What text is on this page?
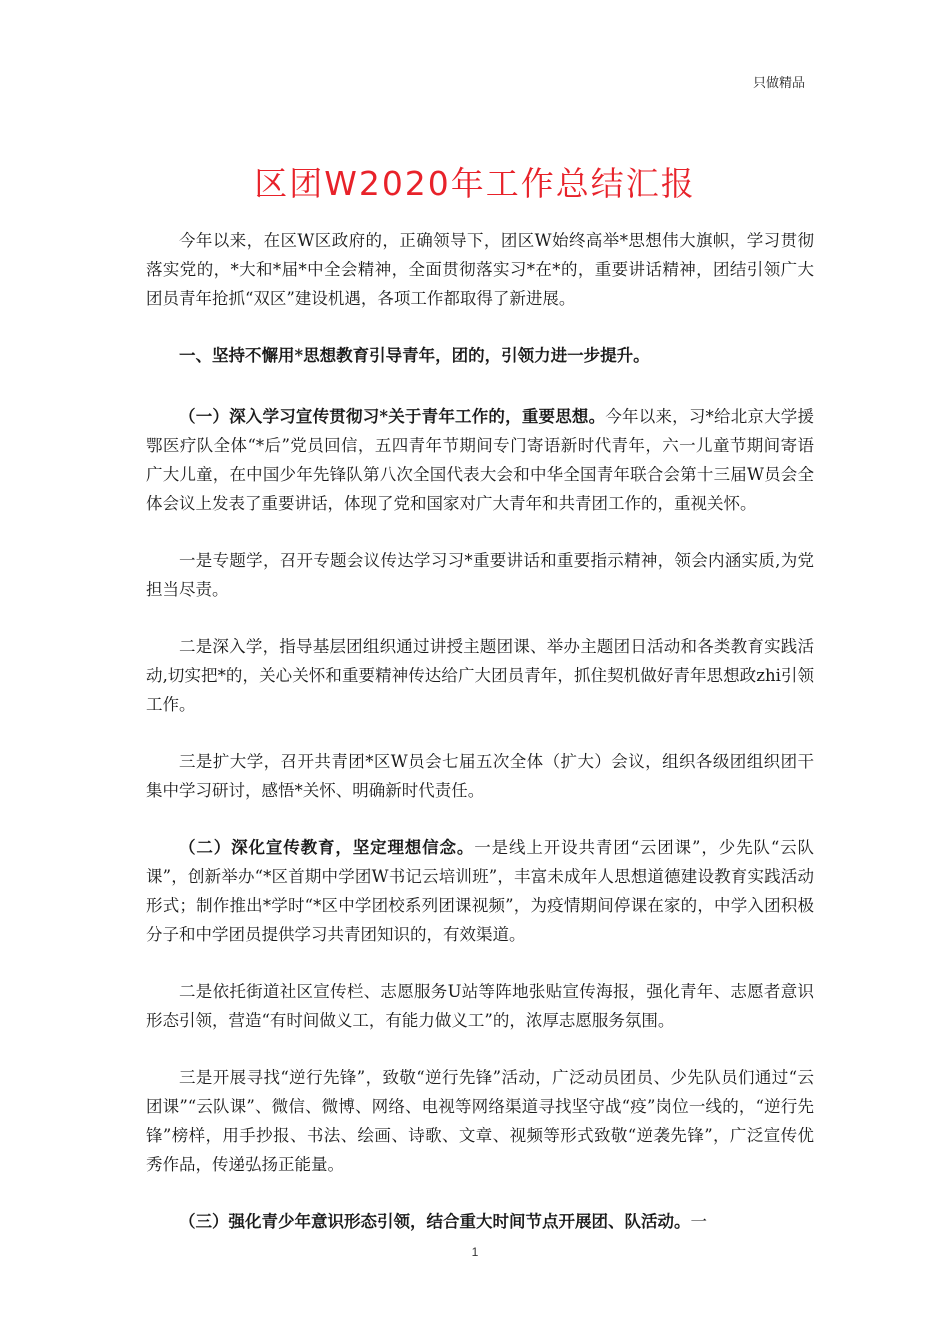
只做精品
区团W2020年工作总结汇报

今年以来，在区W区政府的，正确领导下，团区W始终高举*思想伟大旗帜，学习贯彻落实党的，*大和*届*中全会精神，全面贯彻落实习*在*的，重要讲话精神，团结引领广大团员青年抢抓“双区”建设机遇，各项工作都取得了新进展。

一、坚持不懈用*思想教育引导青年，团的，引领力进一步提升。

（一）深入学习宣传贯彻习*关于青年工作的，重要思想。今年以来，习*给北京大学援鄂医疗队全体“*后”党员回信，五四青年节期间专门寄语新时代青年，六一儿童节期间寄语广大儿童，在中国少年先锋队第八次全国代表大会和中华全国青年联合会第十三届W员会全体会议上发表了重要讲话，体现了党和国家对广大青年和共青团工作的，重视关怀。

一是专题学，召开专题会议传达学习习*重要讲话和重要指示精神，领会内涵实质,为党担当尽责。

二是深入学，指导基层团组织通过讲授主题团课、举办主题团日活动和各类教育实践活动,切实把*的，关心关怀和重要精神传达给广大团员青年，抓住契机做好青年思想政zhi引领工作。

三是扩大学，召开共青团*区W员会七届五次全体（扩大）会议，组织各级团组织团干集中学习研讨，感悟*关怀、明确新时代责任。

（二）深化宣传教育，坚定理想信念。一是线上开设共青团“云团课”，少先队“云队课”，创新举办“*区首期中学团W书记云培训班”，丰富未成年人思想道德建设教育实践活动形式；制作推出*学时“*区中学团校系列团课视频”，为疫情期间停课在家的，中学入团积极分子和中学团员提供学习共青团知识的，有效渠道。

二是依托街道社区宣传栏、志愿服务U站等阵地张贴宣传海报，强化青年、志愿者意识形态引领，营造“有时间做义工，有能力做义工”的，浓厚志愿服务氛围。

三是开展寻找“逆行先锋”，致敬“逆行先锋”活动，广泛动员团员、少先队员们通过“云团课”“云队课”、微信、微博、网络、电视等网络渠道寻找坚守战“疫”岗位一线的，“逆行先锋”榜样，用手抄报、书法、绘画、诗歌、文章、视频等形式致敬“逆袭先锋”，广泛宣传优秀作品，传递弘扬正能量。

（三）强化青少年意识形态引领，结合重大时间节点开展团、队活动。一

1
